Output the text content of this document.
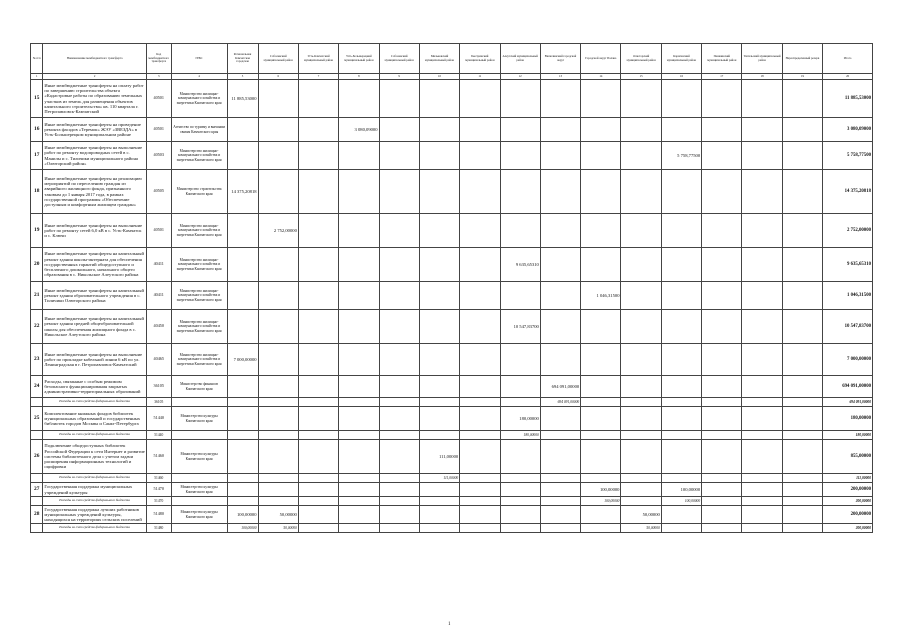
№ п/п	Наименование межбюджетного трансферта	Код межбюджетного трансферта	ГРБС	Региональная Камчатская городская	Соболевский муниципальный район	Усть-Камчатский муниципальный район	Усть-Большерецкий муниципальный район	Соболевский муниципальный район	Мильковский муниципальный район	Быстринский муниципальный район	Алеутский муниципальный район	Вилючинский городской округ	Городской округ Палана	Олюторский муниципальный район	Карагинский муниципальный район	Пенжинский муниципальный район	Тигильский муниципальный район	Нераспределенный резерв	Итого
1	2	3	4	5	6	7	8	9	10	11	12	13	14	15	16	17	18	19	20
15	Иные межбюджетные трансферты на оплату работ по завершению строительства объекта «Кадастровые работы по образованию земельных участков из земель для размещения объектов капитального строительства» кв. 110 квартала г. Петропавловск-Камчатский	40501	Министерство жилищно-коммунального хозяйства и энергетики Камчатского края	11 885,53000															11 885,53000
16	Иные межбюджетные трансферты на проведение ремонта фасадов «Теремок» ЖЭУ «ЗВЕЗДА» в Усть-Большерецком муниципальном районе	40501	Агентство по туризму и внешним связям Камчатского края				3 080,09000												3 080,09000
17	Иные межбюджетные трансферты на выполнение работ по ремонту водопроводных сетей в с. Манилы и с. Тиличики муниципального района «Олюторский район»	40503	Министерство жилищно-коммунального хозяйства и энергетики Камчатского края												5 758,77500				5 758,77500
18	Иные межбюджетные трансферты на реализацию мероприятий по переселению граждан из аварийного жилищного фонда, признанного таковым до 1 января 2017 года, в рамках государственной программы «Обеспечение доступным и комфортным жилищем граждан»	40505	Министерство строительства Камчатского края	14 375,20818															14 375,20818
19	Иные межбюджетные трансферты на выполнение работ по ремонту сетей 6,0 кВ в с. Усть-Камчатск и с. Ключи	40501	Министерство жилищно-коммунального хозяйства и энергетики Камчатского края		2 752,00000														2 752,00000
20	Иные межбюджетные трансферты на капитальный ремонт здания школы-интерната для обеспечения государственных гарантий общедоступного и бесплатного дошкольного, начального общего образования в с. Никольское Алеутского района	40411	Министерство жилищно-коммунального хозяйства и энергетики Камчатского края								9 635,65310								9 635,65310
21	Иные межбюджетные трансферты на капитальный ремонт здания образовательного учреждения в с. Тиличики Олюторского района	40411	Министерство жилищно-коммунального хозяйства и энергетики Камчатского края										1 046,31500						1 046,31500
22	Иные межбюджетные трансферты на капитальный ремонт здания средней общеобразовательной школы для обеспечения жилищного фонда в с. Никольское Алеутского района	40450	Министерство жилищно-коммунального хозяйства и энергетики Камчатского края								10 547,83700								10 547,83700
23	Иные межбюджетные трансферты на выполнение работ по прокладке кабельной линии 6 кВ по ул. Ленинградская в г. Петропавловск-Камчатский	40465	Министерство жилищно-коммунального хозяйства и энергетики Камчатского края	7 000,00000															7 000,00000
24	Расходы, связанные с особым режимом безопасного функционирования закрытых административно-территориальных образований	36105	Министерство финансов Камчатского края									694 091,00000							694 091,00000
	Расходы за счет средств федерального бюджета	36105										694 091,00000							694 091,00000
25	Комплектование книжных фондов библиотек муниципальных образований и государственных библиотек городов Москвы и Санкт-Петербурга	51440	Министерство культуры Камчатского края								180,00000								180,00000
	Расходы за счет средств федерального бюджета	51440									180,00000								180,00000
26	Подключение общедоступных библиотек Российской Федерации к сети Интернет и развитие системы библиотечного дела с учетом задачи расширения информационных технологий и оцифровки	51460	Министерство культуры Камчатского края						111,00000										855,00000
	Расходы за счет средств федерального бюджета	51460							111,00000										111,00000
27	Государственная поддержка муниципальных учреждений культуры	51470	Министерство культуры Камчатского края										100,00000		100,00000				200,00000
	Расходы за счет средств федерального бюджета	51470											100,00000		100,00000				200,00000
28	Государственная поддержка лучших работников муниципальных учреждений культуры, находящихся на территориях сельских поселений	51480	Министерство культуры Камчатского края	100,00000	50,00000									50,00000					200,00000
	Расходы за счет средств федерального бюджета	51480		100,00000	50,00000									50,00000					200,00000
1
